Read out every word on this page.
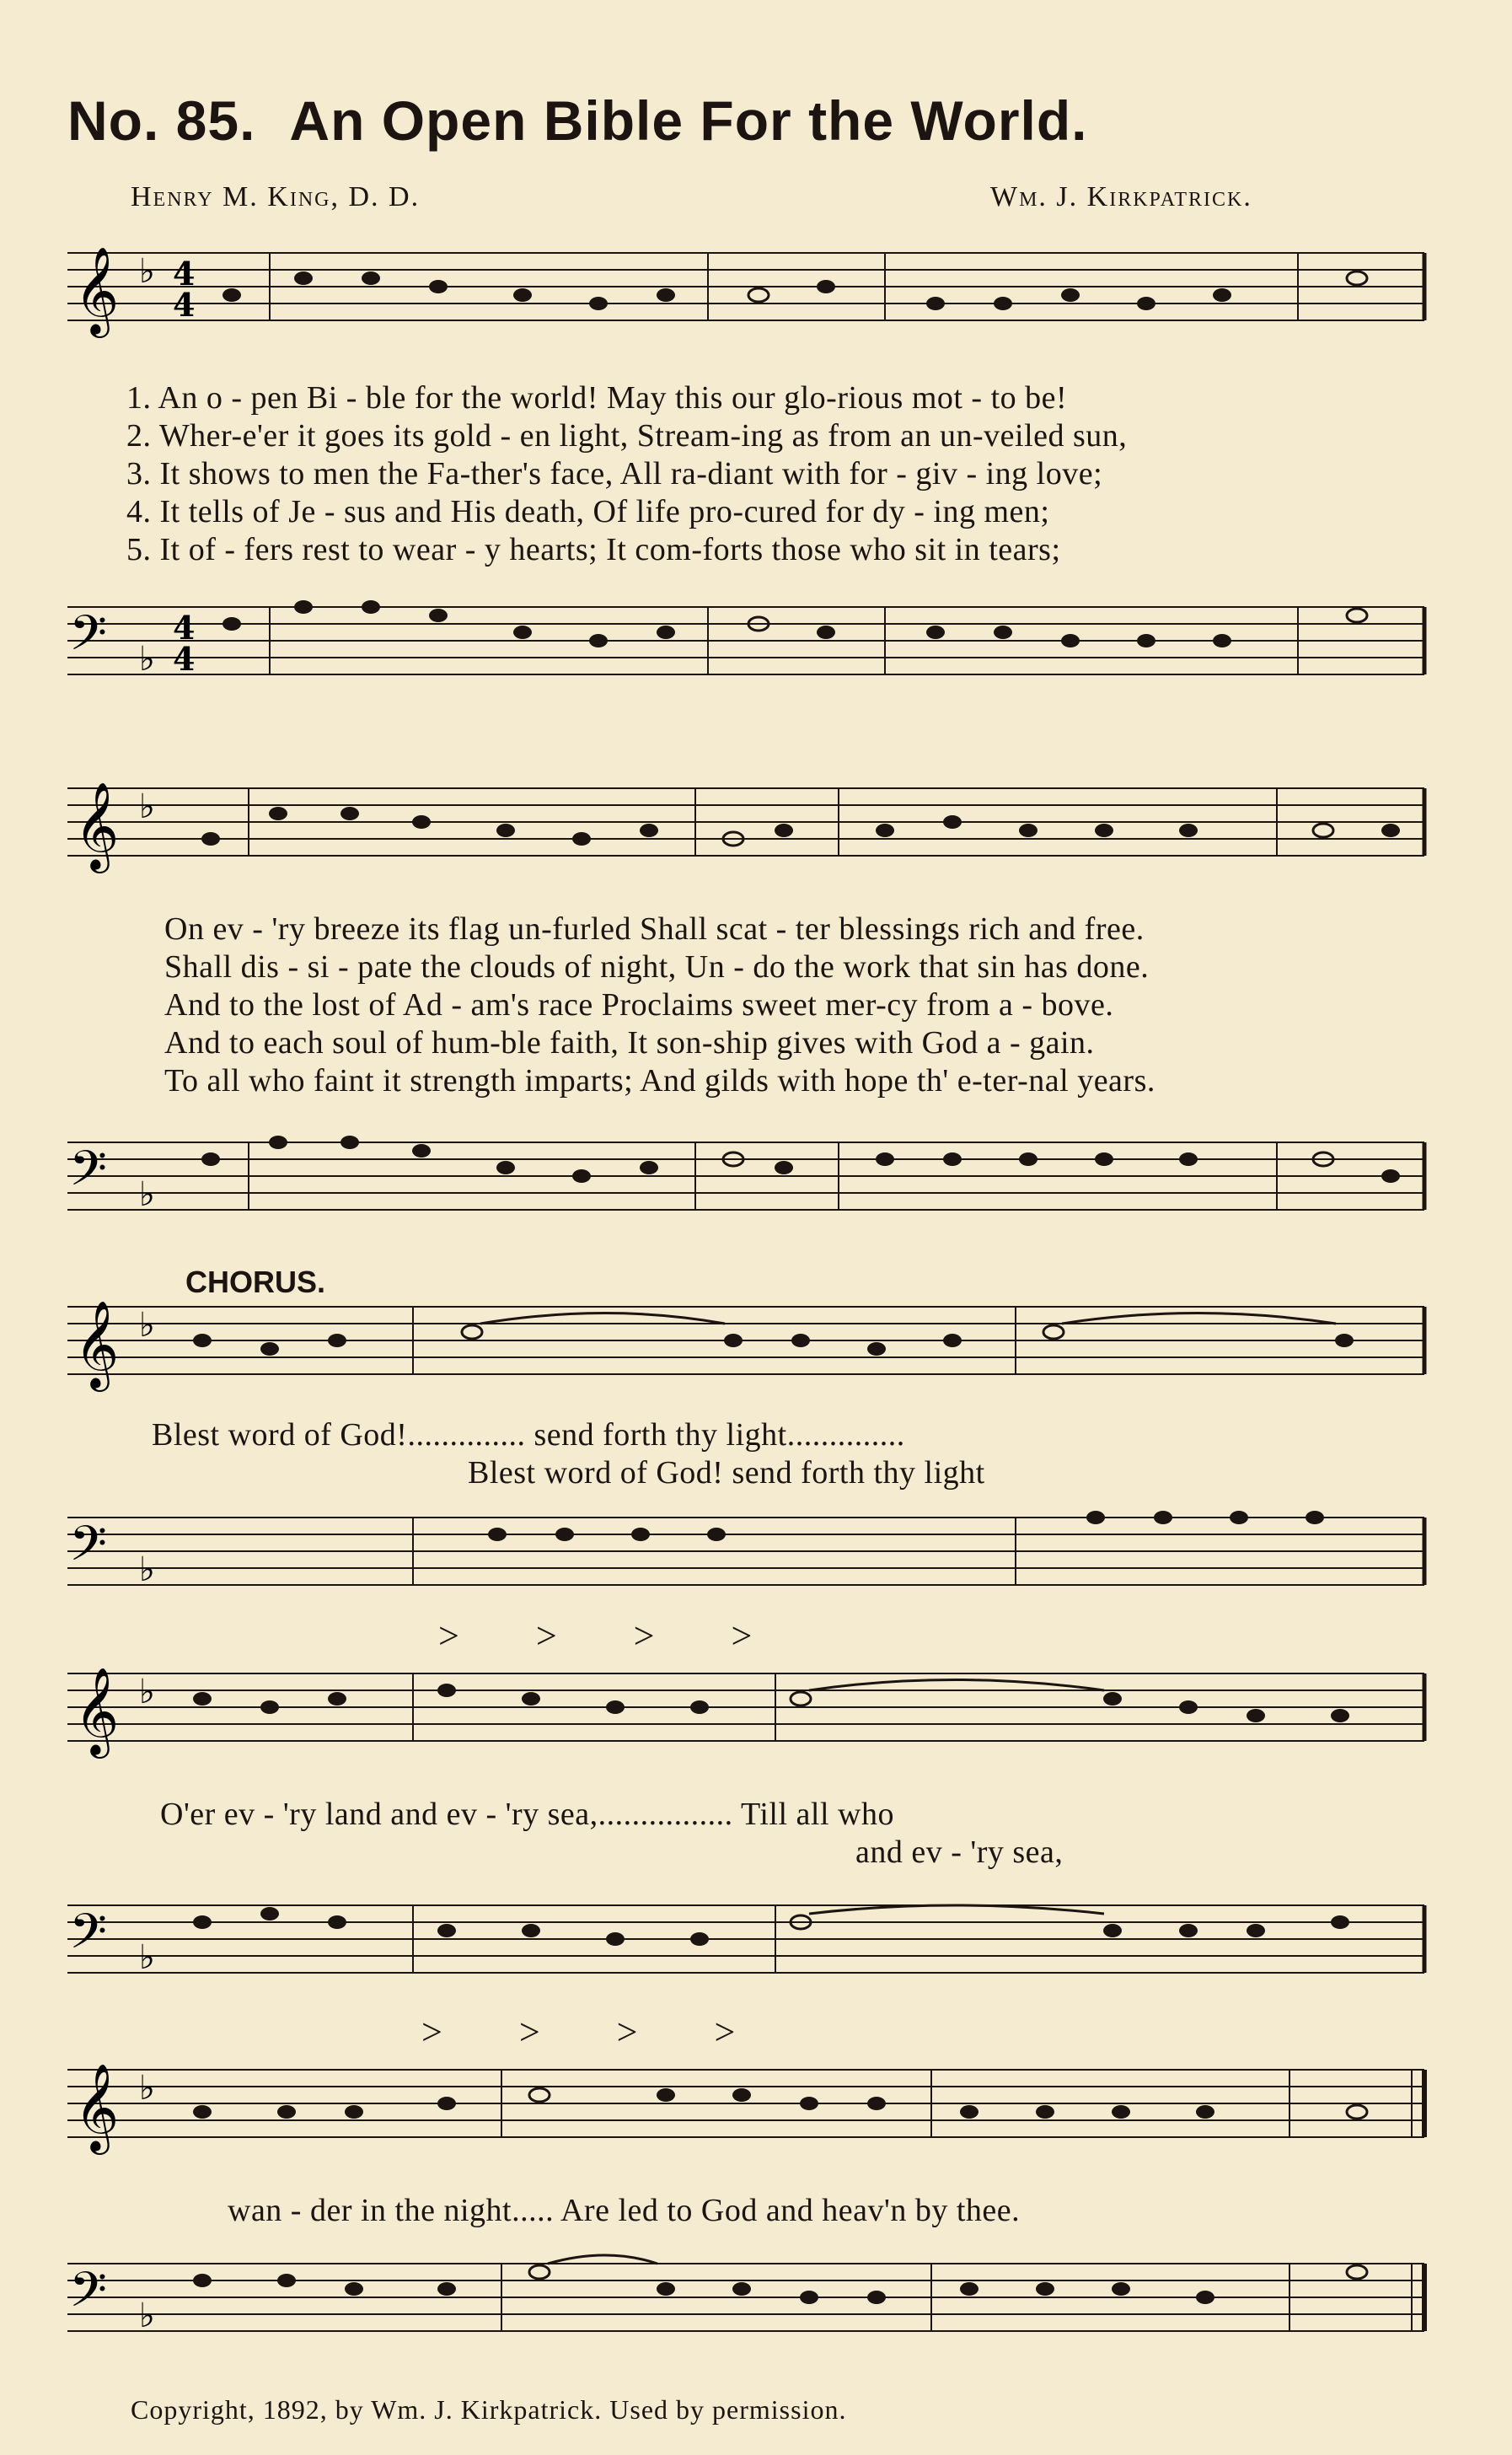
No. 85. An Open Bible For the World.
Henry M. King, D. D.	Wm. J. Kirkpatrick.
𝄞 ♭ 4
4
1. An o - pen Bi - ble for the world! May this our glo-rious mot - to be!
2. Wher-e'er it goes its gold - en light, Stream-ing as from an un-veiled sun,
3. It shows to men the Fa-ther's face, All ra-diant with for - giv - ing love;
4. It tells of Je - sus and His death, Of life pro-cured for dy - ing men;
5. It of - fers rest to wear - y hearts; It com-forts those who sit in tears;
𝄢 ♭
4
4
𝄞 ♭
On ev - 'ry breeze its flag un-furled Shall scat - ter blessings rich and free.
Shall dis - si - pate the clouds of night, Un - do the work that sin has done.
And to the lost of Ad - am's race Proclaims sweet mer-cy from a - bove.
And to each soul of hum-ble faith, It son-ship gives with God a - gain.
To all who faint it strength imparts; And gilds with hope th' e-ter-nal years.
𝄢 ♭
CHORUS.
𝄞 ♭
Blest word of God!.............. send forth thy light..............
Blest word of God! send forth thy light
𝄢 ♭
> > > >
𝄞 ♭
O'er ev - 'ry land and ev - 'ry sea,................ Till all who
and ev - 'ry sea,
𝄢 ♭
> > > >
𝄞 ♭
wan - der in the night..... Are led to God and heav'n by thee.
𝄢 ♭
Copyright, 1892, by Wm. J. Kirkpatrick. Used by permission.
